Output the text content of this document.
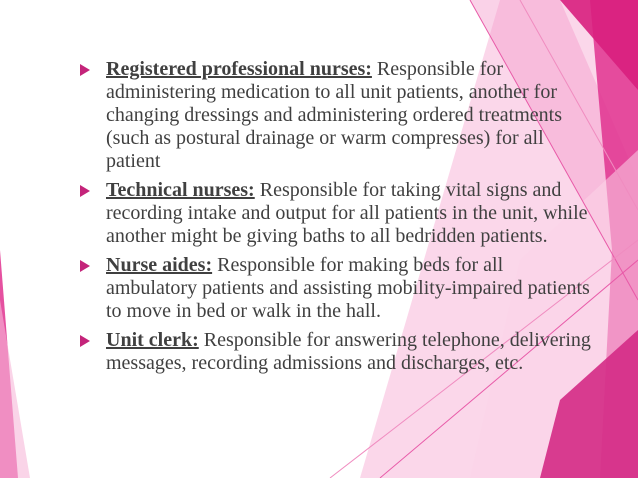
Registered professional nurses: Responsible for administering medication to all unit patients, another for changing dressings and administering ordered treatments (such as postural drainage or warm compresses) for all patient
Technical nurses: Responsible for taking vital signs and recording intake and output for all patients in the unit, while another might be giving baths to all bedridden patients.
Nurse aides: Responsible for making beds for all ambulatory patients and assisting mobility-impaired patients to move in bed or walk in the hall.
Unit clerk: Responsible for answering telephone, delivering messages, recording admissions and discharges, etc.
